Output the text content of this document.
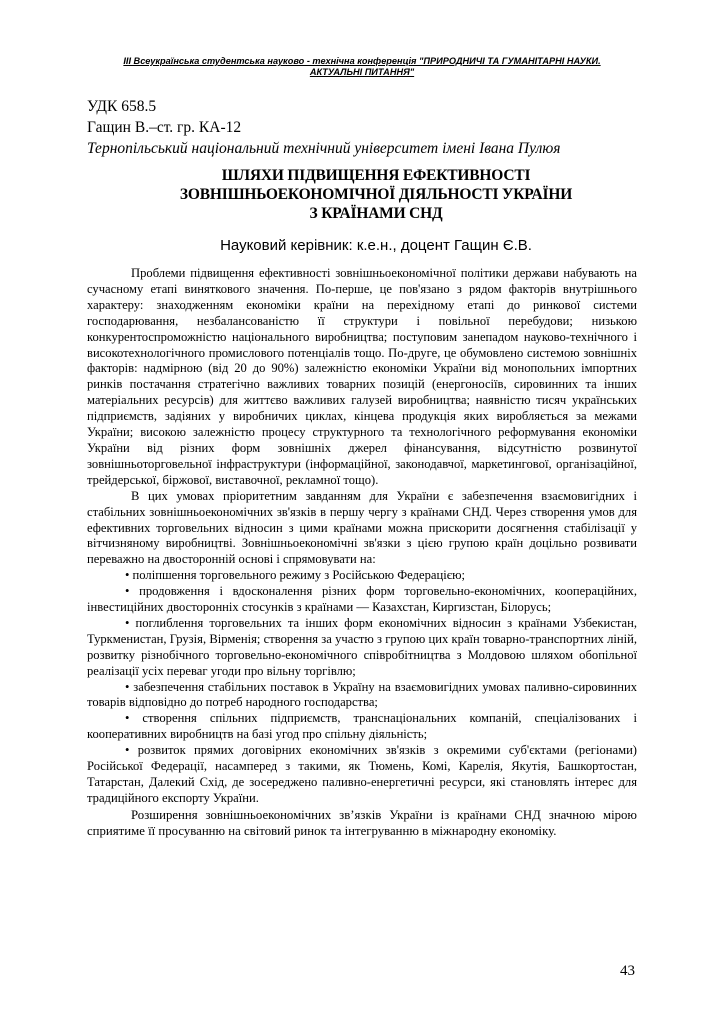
III Всеукраїнська студентська науково - технічна конференція "ПРИРОДНИЧІ ТА ГУМАНІТАРНІ НАУКИ.
АКТУАЛЬНІ ПИТАННЯ"
УДК 658.5
Гащин В.–ст. гр. КА-12
Тернопільський національний технічний університет імені Івана Пулюя
ШЛЯХИ ПІДВИЩЕННЯ ЕФЕКТИВНОСТІ
ЗОВНІШНЬОЕКОНОМІЧНОЇ ДІЯЛЬНОСТІ УКРАЇНИ
З КРАЇНАМИ СНД
Науковий керівник: к.е.н., доцент Гащин Є.В.

Проблеми підвищення ефективності зовнішньоекономічної політики держави набувають на сучасному етапі виняткового значення. По-перше, це пов'язано з рядом факторів внутрішнього характеру: знаходженням економіки країни на перехідному етапі до ринкової системи господарювання, незбалансованістю її структури і повільної перебудови; низькою конкурентоспроможністю національного виробництва; поступовим занепадом науково-технічного і високотехнологічного промислового потенціалів тощо. По-друге, це обумовлено системою зовнішніх факторів: надмірною (від 20 до 90%) залежністю економіки України від монопольних імпортних ринків постачання стратегічно важливих товарних позицій (енергоносіїв, сировинних та інших матеріальних ресурсів) для життєво важливих галузей виробництва; наявністю тисяч українських підприємств, задіяних у виробничих циклах, кінцева продукція яких виробляється за межами України; високою залежністю процесу структурного та технологічного реформування економіки України від різних форм зовнішніх джерел фінансування, відсутністю розвинутої зовнішньоторговельної інфраструктури (інформаційної, законодавчої, маркетингової, організаційної, трейдерської, біржової, виставочної, рекламної тощо).

В цих умовах пріоритетним завданням для України є забезпечення взаємовигідних і стабільних зовнішньоекономічних зв'язків в першу чергу з країнами СНД. Через створення умов для ефективних торговельних відносин з цими країнами можна прискорити досягнення стабілізації у вітчизняному виробництві. Зовнішньоекономічні зв'язки з цією групою країн доцільно розвивати переважно на двосторонній основі і спрямовувати на:

• поліпшення торговельного режиму з Російською Федерацією;

• продовження і вдосконалення різних форм торговельно-економічних, коопераційних, інвестиційних двосторонніх стосунків з країнами — Казахстан, Киргизстан, Білорусь;

• поглиблення торговельних та інших форм економічних відносин з країнами Узбекистан, Туркменистан, Грузія, Вірменія; створення за участю з групою цих країн товарно-транспортних ліній, розвитку різнобічного торговельно-економічного співробітництва з Молдовою шляхом обопільної реалізації усіх переваг угоди про вільну торгівлю;

• забезпечення стабільних поставок в Україну на взаємовигідних умовах паливно-сировинних товарів відповідно до потреб народного господарства;

• створення спільних підприємств, транснаціональних компаній, спеціалізованих і кооперативних виробництв на базі угод про спільну діяльність;

• розвиток прямих договірних економічних зв'язків з окремими суб'єктами (регіонами) Російської Федерації, насамперед з такими, як Тюмень, Комі, Карелія, Якутія, Башкортостан, Татарстан, Далекий Схід, де зосереджено паливно-енергетичні ресурси, які становлять інтерес для традиційного експорту України.

Розширення зовнішньоекономічних зв’язків України із країнами СНД значною мірою сприятиме її просуванню на світовий ринок та інтегруванню в міжнародну економіку.

43
